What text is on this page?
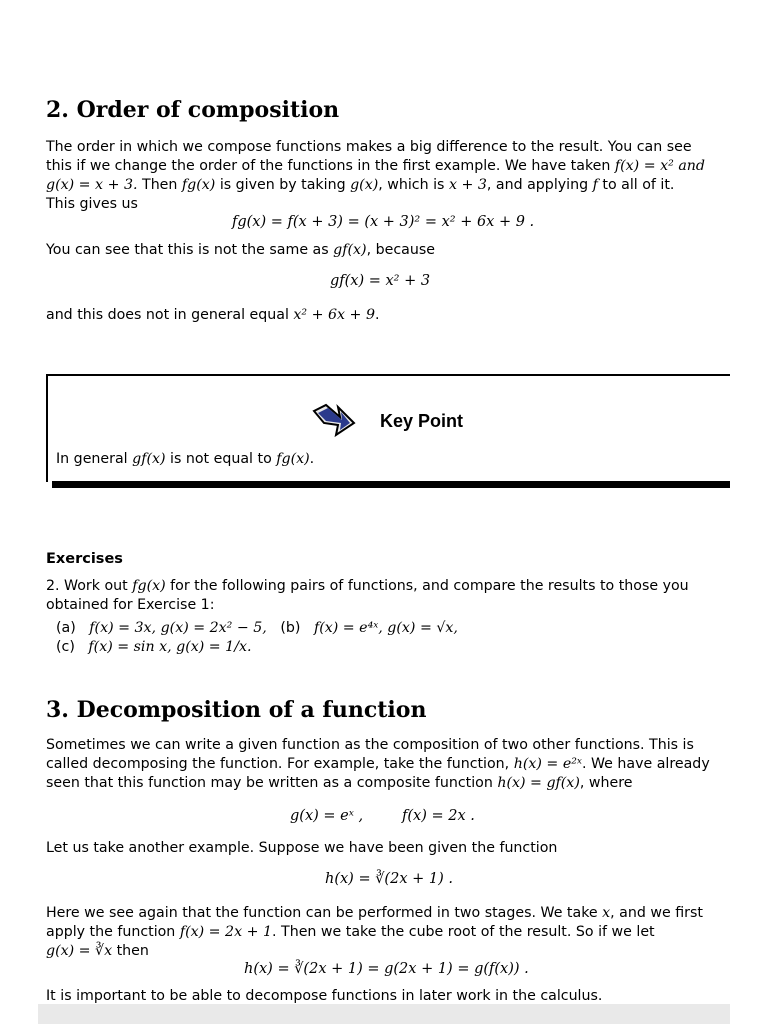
2. Order of composition
The order in which we compose functions makes a big difference to the result. You can see
this if we change the order of the functions in the first example. We have taken f(x) = x² and
g(x) = x + 3. Then fg(x) is given by taking g(x), which is x + 3, and applying f to all of it.
This gives us
fg(x) = f(x + 3) = (x + 3)² = x² + 6x + 9 .
You can see that this is not the same as gf(x), because
gf(x) = x² + 3
and this does not in general equal x² + 6x + 9.
Key Point
In general gf(x) is not equal to fg(x).
Exercises
2. Work out fg(x) for the following pairs of functions, and compare the results to those you
obtained for Exercise 1:
(a) f(x) = 3x, g(x) = 2x² − 5, (b) f(x) = e⁴ˣ, g(x) = √x,
(c) f(x) = sin x, g(x) = 1/x.
3. Decomposition of a function
Sometimes we can write a given function as the composition of two other functions. This is
called decomposing the function. For example, take the function, h(x) = e²ˣ. We have already
seen that this function may be written as a composite function h(x) = gf(x), where
g(x) = eˣ ,	f(x) = 2x .
Let us take another example. Suppose we have been given the function
h(x) = ∛(2x + 1) .
Here we see again that the function can be performed in two stages. We take x, and we first
apply the function f(x) = 2x + 1. Then we take the cube root of the result. So if we let
g(x) = ∛x then
h(x) = ∛(2x + 1) = g(2x + 1) = g(f(x)) .
It is important to be able to decompose functions in later work in the calculus.
